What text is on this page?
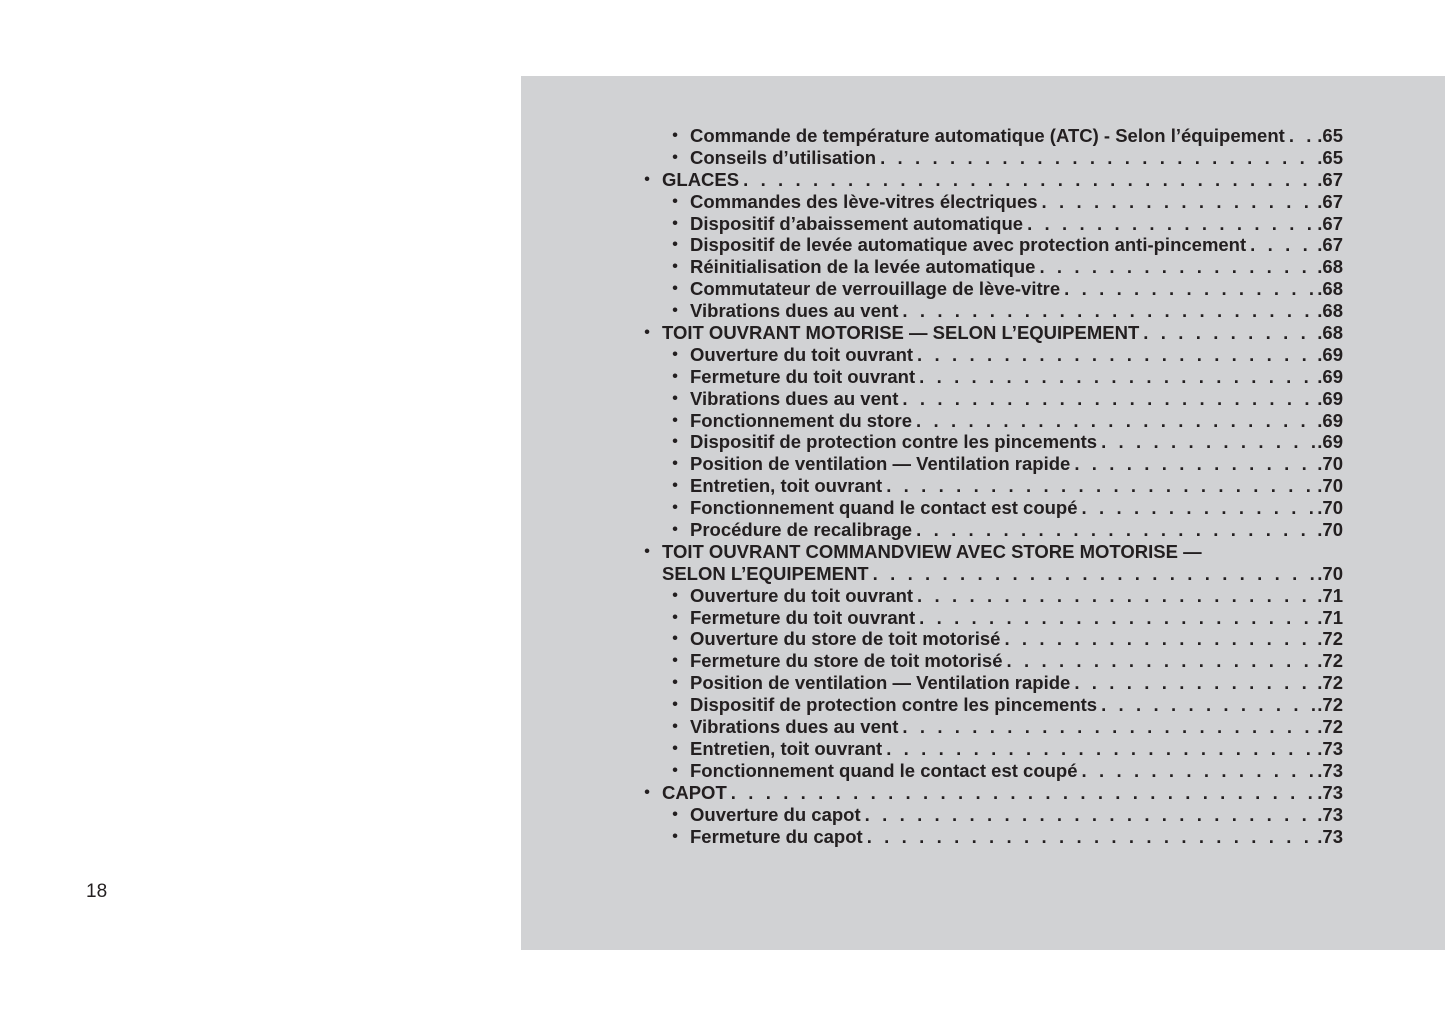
• Commande de température automatique (ATC) - Selon l’équipement . . . .65
• Conseils d’utilisation . . .	.65
• GLACES . . .	.67
• Commandes des lève-vitres électriques . . .	.67
• Dispositif d’abaissement automatique . . .	.67
• Dispositif de levée automatique avec protection anti-pincement . . .	.67
• Réinitialisation de la levée automatique . . .	.68
• Commutateur de verrouillage de lève-vitre . . .	.68
• Vibrations dues au vent . . .	.68
• TOIT OUVRANT MOTORISE — SELON L’EQUIPEMENT . . .	.68
• Ouverture du toit ouvrant . . .	.69
• Fermeture du toit ouvrant . . .	.69
• Vibrations dues au vent . . .	.69
• Fonctionnement du store . . .	.69
• Dispositif de protection contre les pincements . . .	.69
• Position de ventilation — Ventilation rapide . . .	.70
• Entretien, toit ouvrant . . .	.70
• Fonctionnement quand le contact est coupé . . .	.70
• Procédure de recalibrage . . .	.70
• TOIT OUVRANT COMMANDVIEW AVEC STORE MOTORISE —
SELON L’EQUIPEMENT . . .	.70
• Ouverture du toit ouvrant . . .	.71
• Fermeture du toit ouvrant . . .	.71
• Ouverture du store de toit motorisé . . .	.72
• Fermeture du store de toit motorisé . . .	.72
• Position de ventilation — Ventilation rapide . . .	.72
• Dispositif de protection contre les pincements . . .	.72
• Vibrations dues au vent . . .	.72
• Entretien, toit ouvrant . . .	.73
• Fonctionnement quand le contact est coupé . . .	.73
• CAPOT . . .	.73
• Ouverture du capot . . .	.73
• Fermeture du capot . . .	.73
18
